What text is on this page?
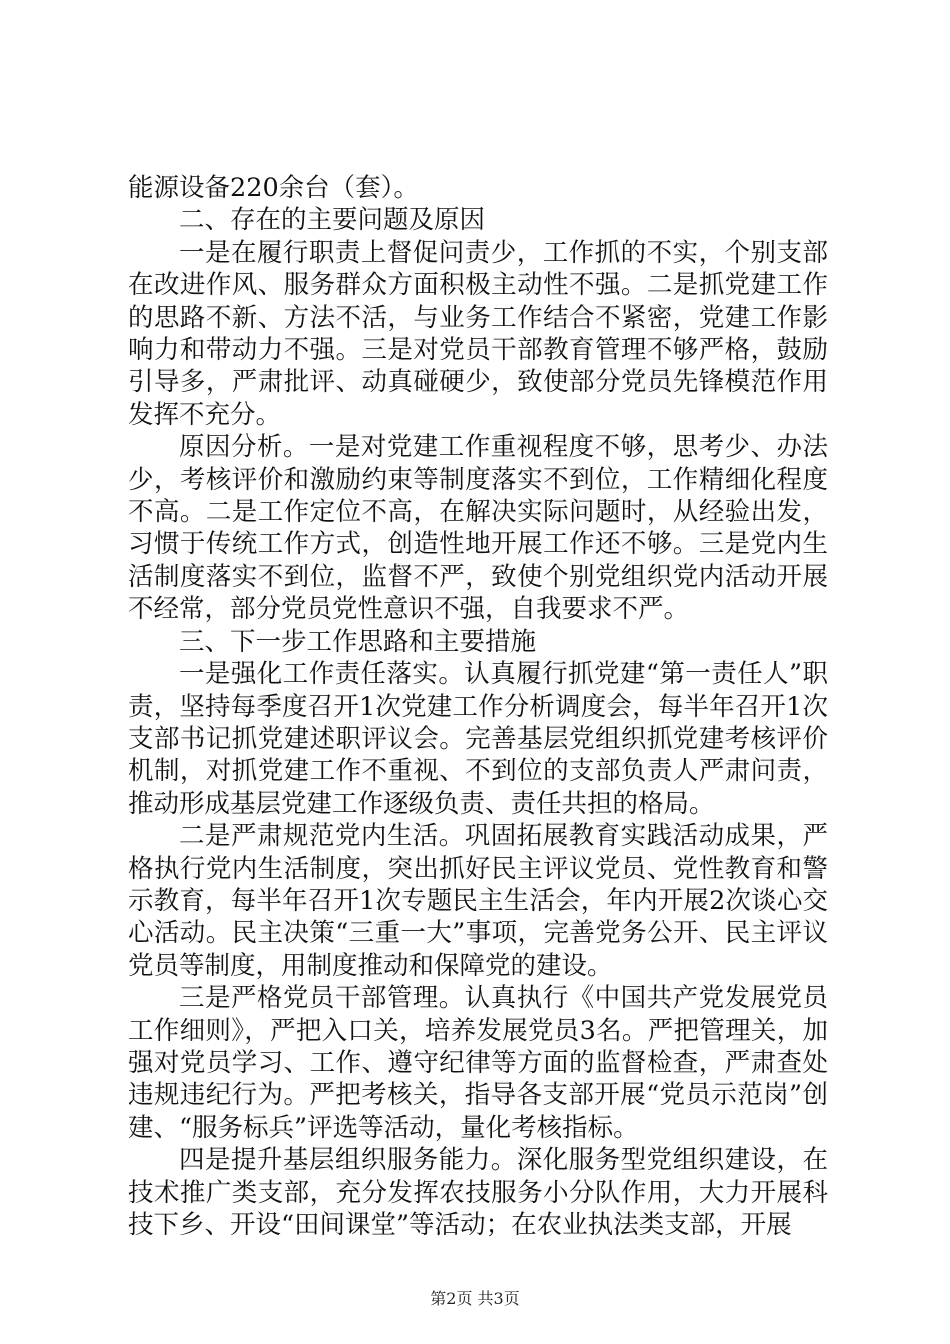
能源设备220余台（套）。

二、存在的主要问题及原因

一是在履行职责上督促问责少，工作抓的不实，个别支部在改进作风、服务群众方面积极主动性不强。二是抓党建工作的思路不新、方法不活，与业务工作结合不紧密，党建工作影响力和带动力不强。三是对党员干部教育管理不够严格，鼓励引导多，严肃批评、动真碰硬少，致使部分党员先锋模范作用发挥不充分。

原因分析。一是对党建工作重视程度不够，思考少、办法少，考核评价和激励约束等制度落实不到位，工作精细化程度不高。二是工作定位不高，在解决实际问题时，从经验出发，习惯于传统工作方式，创造性地开展工作还不够。三是党内生活制度落实不到位，监督不严，致使个别党组织党内活动开展不经常，部分党员党性意识不强，自我要求不严。

三、下一步工作思路和主要措施

一是强化工作责任落实。认真履行抓党建“第一责任人”职责，坚持每季度召开1次党建工作分析调度会，每半年召开1次支部书记抓党建述职评议会。完善基层党组织抓党建考核评价机制，对抓党建工作不重视、不到位的支部负责人严肃问责，推动形成基层党建工作逐级负责、责任共担的格局。

二是严肃规范党内生活。巩固拓展教育实践活动成果，严格执行党内生活制度，突出抓好民主评议党员、党性教育和警示教育，每半年召开1次专题民主生活会，年内开展2次谈心交心活动。民主决策“三重一大”事项，完善党务公开、民主评议党员等制度，用制度推动和保障党的建设。

三是严格党员干部管理。认真执行《中国共产党发展党员工作细则》，严把入口关，培养发展党员3名。严把管理关，加强对党员学习、工作、遵守纪律等方面的监督检查，严肃查处违规违纪行为。严把考核关，指导各支部开展“党员示范岗”创建、“服务标兵”评选等活动，量化考核指标。

四是提升基层组织服务能力。深化服务型党组织建设，在技术推广类支部，充分发挥农技服务小分队作用，大力开展科技下乡、开设“田间课堂”等活动；在农业执法类支部，开展

第2页 共3页
